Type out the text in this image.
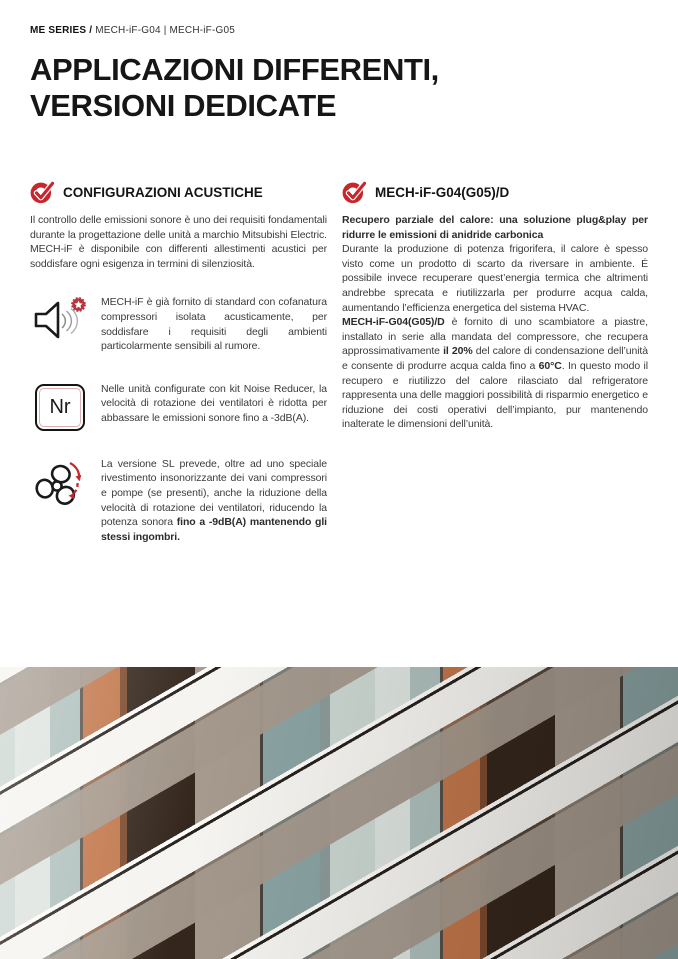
ME SERIES / MECH-iF-G04 | MECH-iF-G05
APPLICAZIONI DIFFERENTI,
VERSIONI DEDICATE
CONFIGURAZIONI ACUSTICHE

Il controllo delle emissioni sonore è uno dei requisiti fondamentali durante la progettazione delle unità a marchio Mitsubishi Electric. MECH-iF è disponibile con differenti allestimenti acustici per soddisfare ogni esigenza in termini di silenziosità.

MECH-iF è già fornito di standard con cofanatura compressori isolata acusticamente, per soddisfare i requisiti degli ambienti particolarmente sensibili al rumore.

Nr

Nelle unità configurate con kit Noise Reducer, la velocità di rotazione dei ventilatori è ridotta per abbassare le emissioni sonore fino a -3dB(A).

La versione SL prevede, oltre ad uno speciale rivestimento insonorizzante dei vani compressori e pompe (se presenti), anche la riduzione della velocità di rotazione dei ventilatori, riducendo la potenza sonora fino a -9dB(A) mantenendo gli stessi ingombri.

MECH-iF-G04(G05)/D

Recupero parziale del calore: una soluzione plug&play per ridurre le emissioni di anidride carbonica

Durante la produzione di potenza frigorifera, il calore è spesso visto come un prodotto di scarto da riversare in ambiente. É possibile invece recuperare quest’energia termica che altrimenti andrebbe sprecata e riutilizzarla per produrre acqua calda, aumentando l’efficienza energetica del sistema HVAC.

MECH-iF-G04(G05)/D è fornito di uno scambiatore a piastre, installato in serie alla mandata del compressore, che recupera approssimativamente il 20% del calore di condensazione dell’unità e consente di produrre acqua calda fino a 60°C. In questo modo il recupero e riutilizzo del calore rilasciato dal refrigeratore rappresenta una delle maggiori possibilità di risparmio energetico e riduzione dei costi operativi dell’impianto, pur mantenendo inalterate le dimensioni dell’unità.
